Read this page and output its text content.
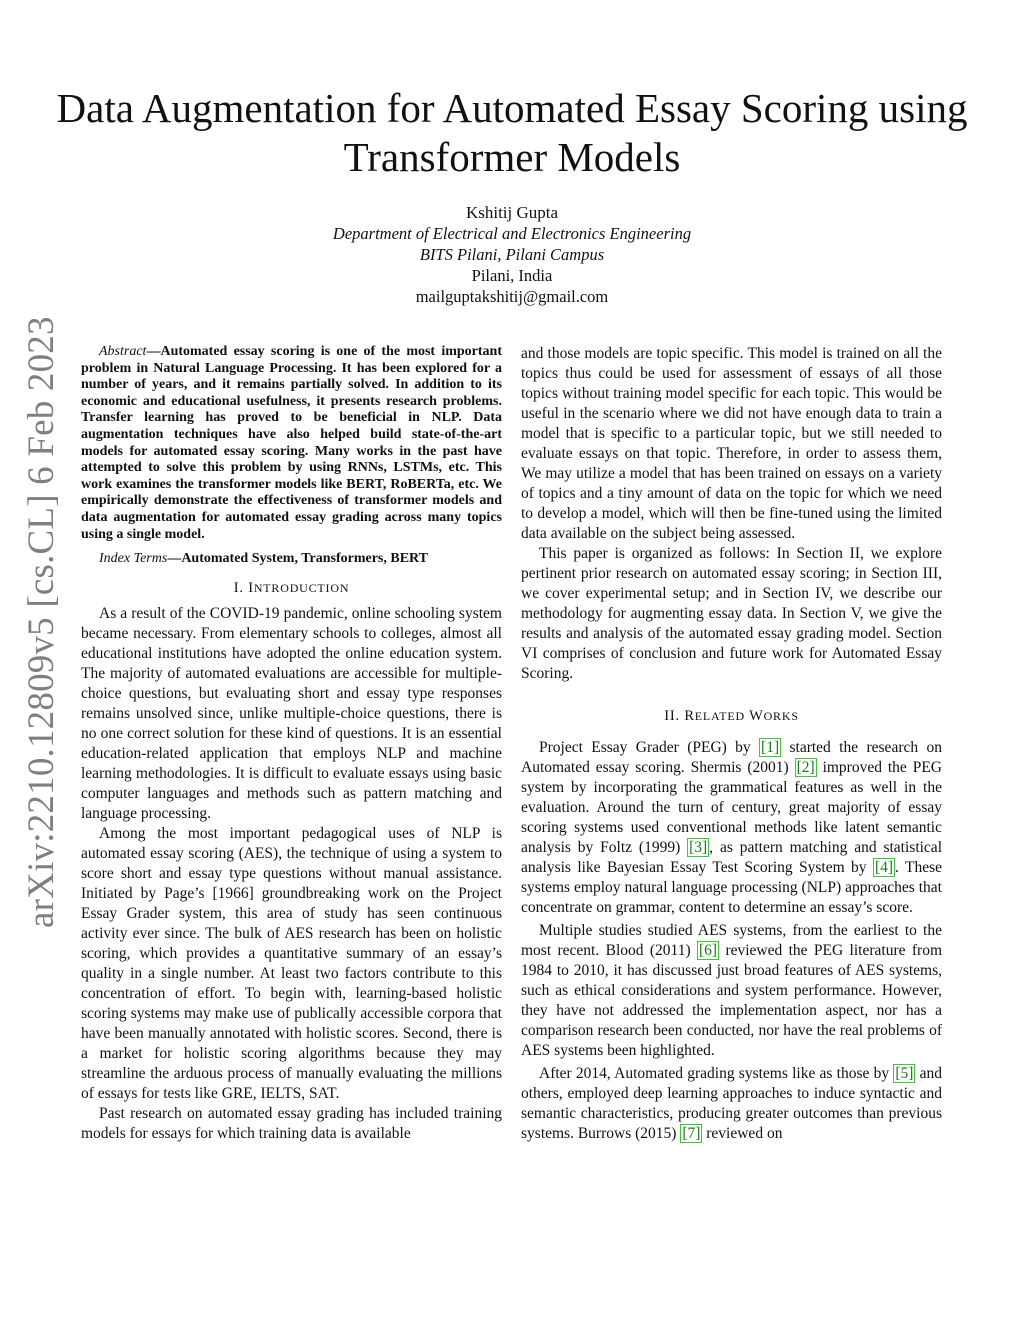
arXiv:2210.12809v5 [cs.CL] 6 Feb 2023
Data Augmentation for Automated Essay Scoring using Transformer Models
Kshitij Gupta
Department of Electrical and Electronics Engineering
BITS Pilani, Pilani Campus
Pilani, India
mailguptakshitij@gmail.com

Abstract—Automated essay scoring is one of the most important problem in Natural Language Processing. It has been explored for a number of years, and it remains partially solved. In addition to its economic and educational usefulness, it presents research problems. Transfer learning has proved to be beneficial in NLP. Data augmentation techniques have also helped build state-of-the-art models for automated essay scoring. Many works in the past have attempted to solve this problem by using RNNs, LSTMs, etc. This work examines the transformer models like BERT, RoBERTa, etc. We empirically demonstrate the effectiveness of transformer models and data augmentation for automated essay grading across many topics using a single model.

Index Terms—Automated System, Transformers, BERT

I. INTRODUCTION

As a result of the COVID-19 pandemic, online schooling system became necessary. From elementary schools to colleges, almost all educational institutions have adopted the online education system. The majority of automated evaluations are accessible for multiple-choice questions, but evaluating short and essay type responses remains unsolved since, unlike multiple-choice questions, there is no one correct solution for these kind of questions. It is an essential education-related application that employs NLP and machine learning methodologies. It is difficult to evaluate essays using basic computer languages and methods such as pattern matching and language processing.

Among the most important pedagogical uses of NLP is automated essay scoring (AES), the technique of using a system to score short and essay type questions without manual assistance. Initiated by Page’s [1966] groundbreaking work on the Project Essay Grader system, this area of study has seen continuous activity ever since. The bulk of AES research has been on holistic scoring, which provides a quantitative summary of an essay’s quality in a single number. At least two factors contribute to this concentration of effort. To begin with, learning-based holistic scoring systems may make use of publically accessible corpora that have been manually annotated with holistic scores. Second, there is a market for holistic scoring algorithms because they may streamline the arduous process of manually evaluating the millions of essays for tests like GRE, IELTS, SAT.

Past research on automated essay grading has included training models for essays for which training data is available

and those models are topic specific. This model is trained on all the topics thus could be used for assessment of essays of all those topics without training model specific for each topic. This would be useful in the scenario where we did not have enough data to train a model that is specific to a particular topic, but we still needed to evaluate essays on that topic. Therefore, in order to assess them, We may utilize a model that has been trained on essays on a variety of topics and a tiny amount of data on the topic for which we need to develop a model, which will then be fine-tuned using the limited data available on the subject being assessed.

This paper is organized as follows: In Section II, we explore pertinent prior research on automated essay scoring; in Section III, we cover experimental setup; and in Section IV, we describe our methodology for augmenting essay data. In Section V, we give the results and analysis of the automated essay grading model. Section VI comprises of conclusion and future work for Automated Essay Scoring.

II. RELATED WORKS

Project Essay Grader (PEG) by [1] started the research on Automated essay scoring. Shermis (2001) [2] improved the PEG system by incorporating the grammatical features as well in the evaluation. Around the turn of century, great majority of essay scoring systems used conventional methods like latent semantic analysis by Foltz (1999) [3] , as pattern matching and statistical analysis like Bayesian Essay Test Scoring System by [4] . These systems employ natural language processing (NLP) approaches that concentrate on grammar, content to determine an essay’s score.

Multiple studies studied AES systems, from the earliest to the most recent. Blood (2011) [6] reviewed the PEG literature from 1984 to 2010, it has discussed just broad features of AES systems, such as ethical considerations and system performance. However, they have not addressed the implementation aspect, nor has a comparison research been conducted, nor have the real problems of AES systems been highlighted.

After 2014, Automated grading systems like as those by [5] and others, employed deep learning approaches to induce syntactic and semantic characteristics, producing greater outcomes than previous systems. Burrows (2015) [7] reviewed on
